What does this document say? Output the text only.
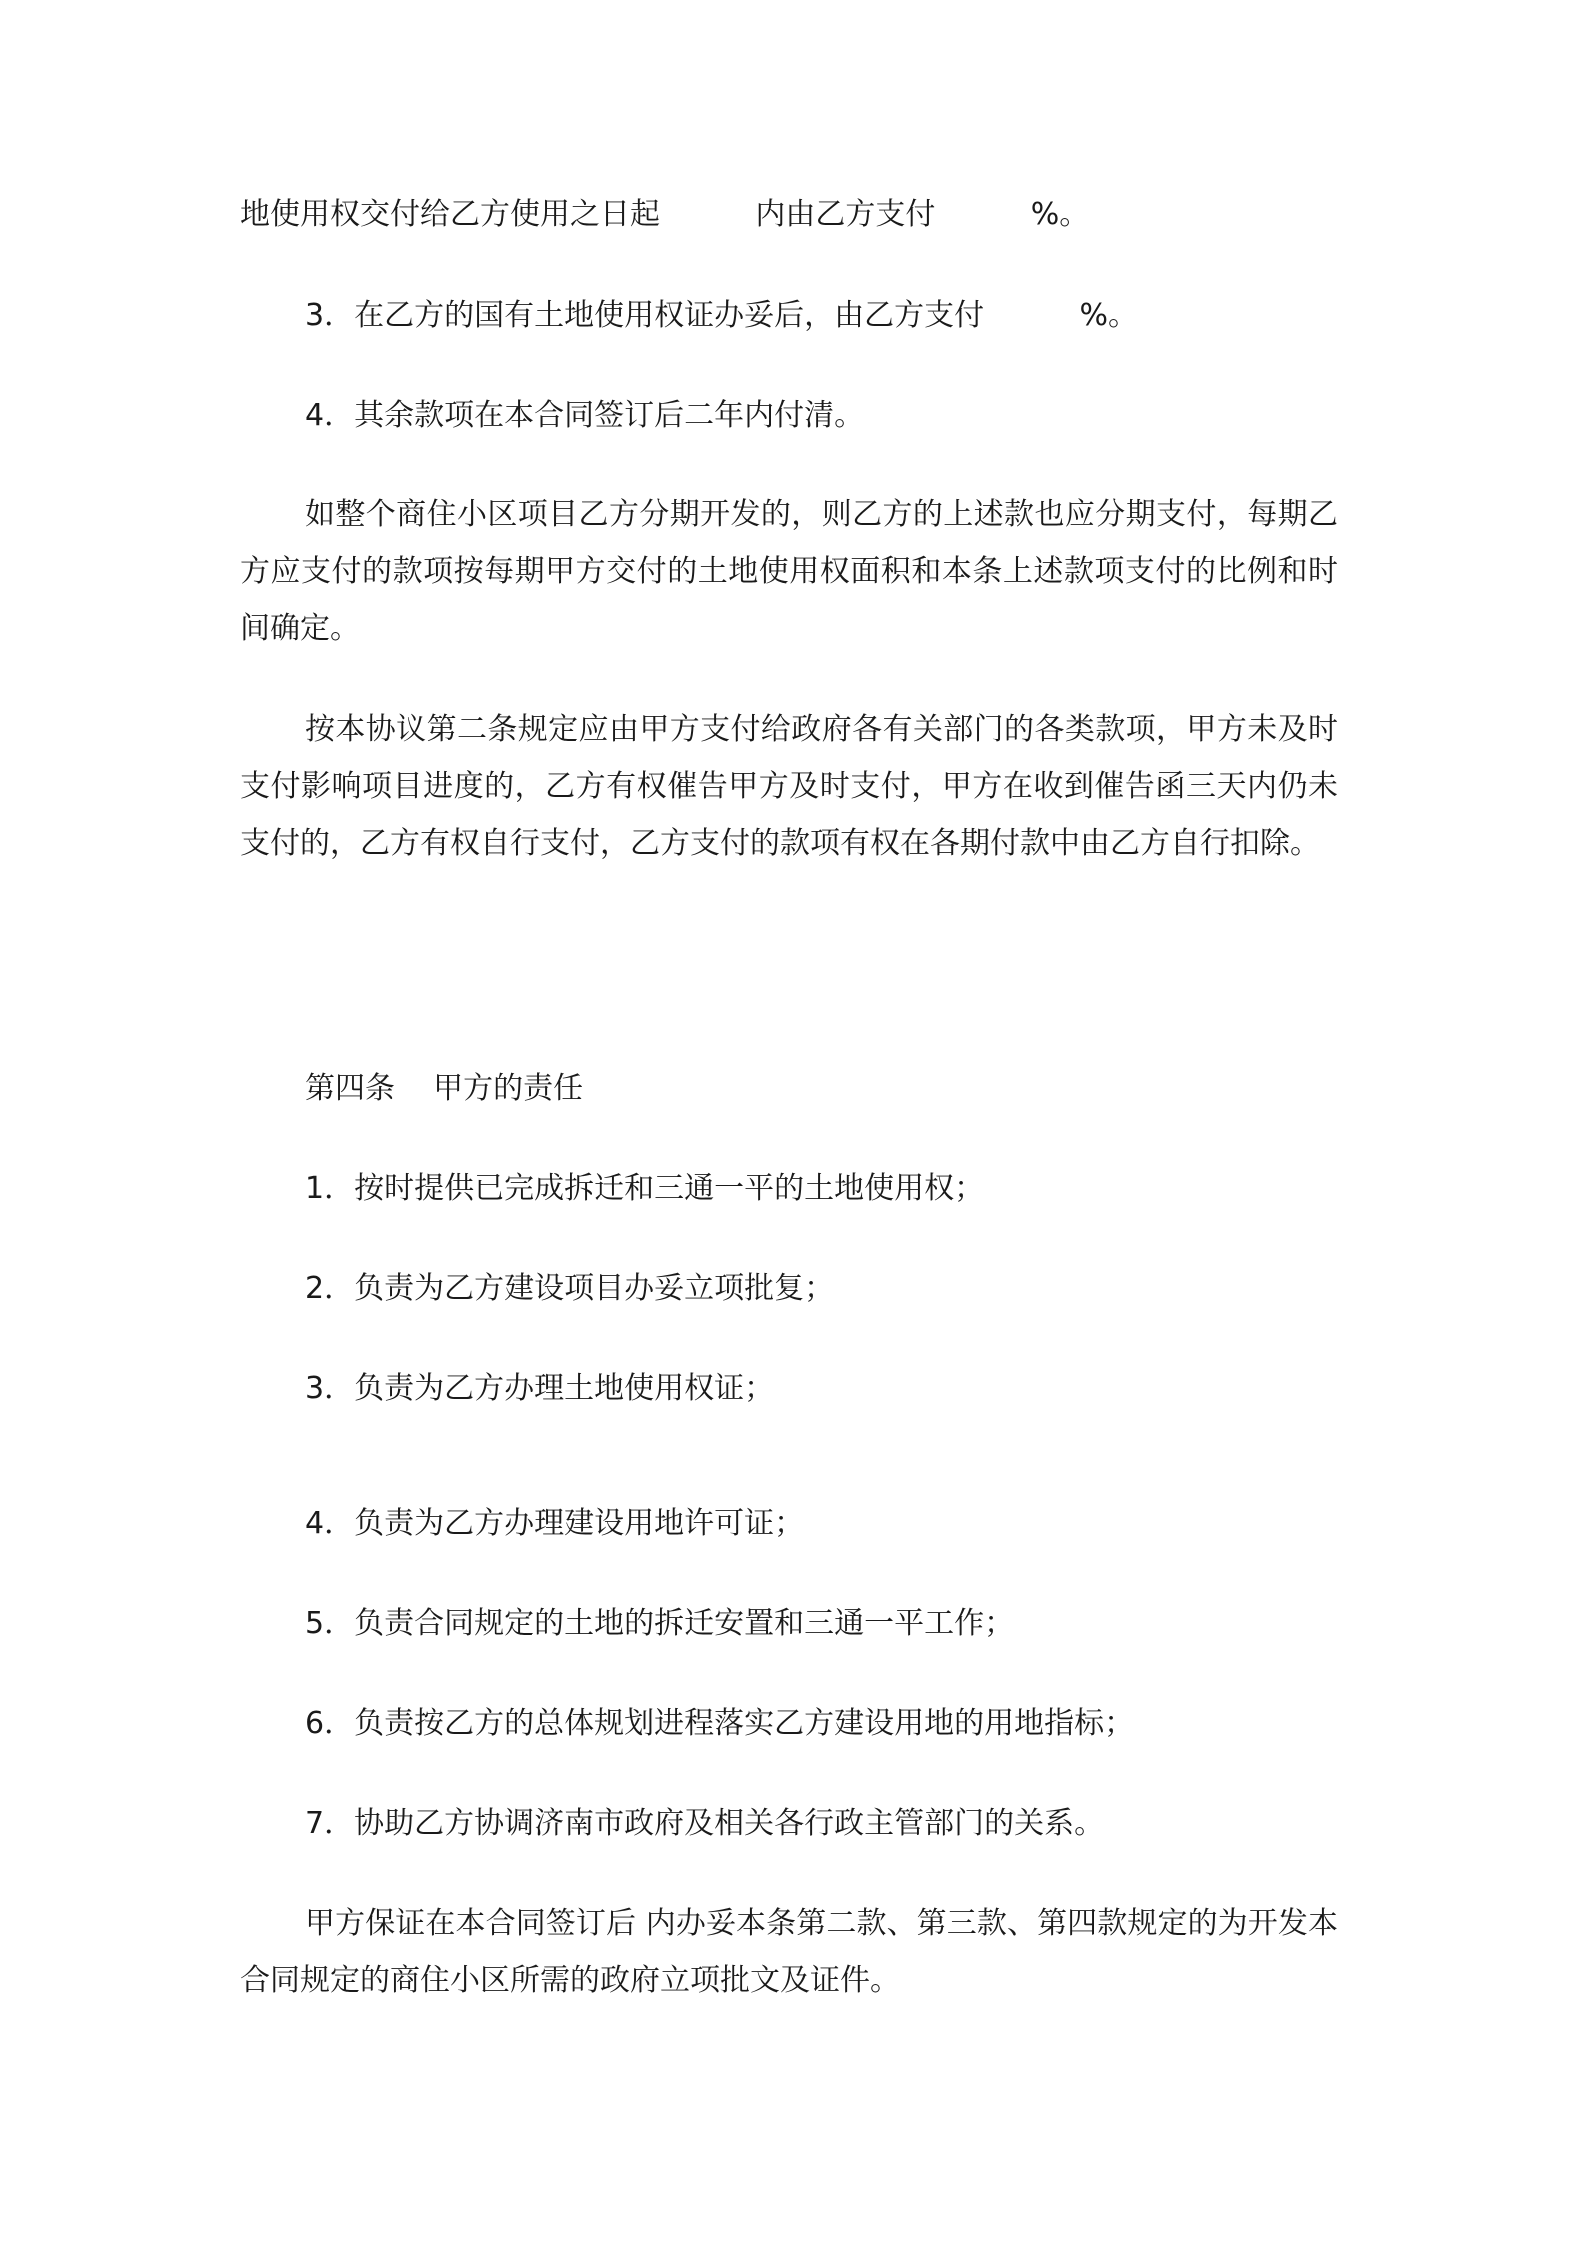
地使用权交付给乙方使用之日起          内由乙方支付          %。
3．在乙方的国有土地使用权证办妥后，由乙方支付          %。
4．其余款项在本合同签订后二年内付清。
如整个商住小区项目乙方分期开发的，则乙方的上述款也应分期支付，每期乙方应支付的款项按每期甲方交付的土地使用权面积和本条上述款项支付的比例和时间确定。
按本协议第二条规定应由甲方支付给政府各有关部门的各类款项，甲方未及时支付影响项目进度的，乙方有权催告甲方及时支付，甲方在收到催告函三天内仍未支付的，乙方有权自行支付，乙方支付的款项有权在各期付款中由乙方自行扣除。
第四条    甲方的责任
1．按时提供已完成拆迁和三通一平的土地使用权；
2．负责为乙方建设项目办妥立项批复；
3．负责为乙方办理土地使用权证；
4．负责为乙方办理建设用地许可证；
5．负责合同规定的土地的拆迁安置和三通一平工作；
6．负责按乙方的总体规划进程落实乙方建设用地的用地指标；
7．协助乙方协调济南市政府及相关各行政主管部门的关系。
甲方保证在本合同签订后 内办妥本条第二款、第三款、第四款规定的为开发本合同规定的商住小区所需的政府立项批文及证件。
